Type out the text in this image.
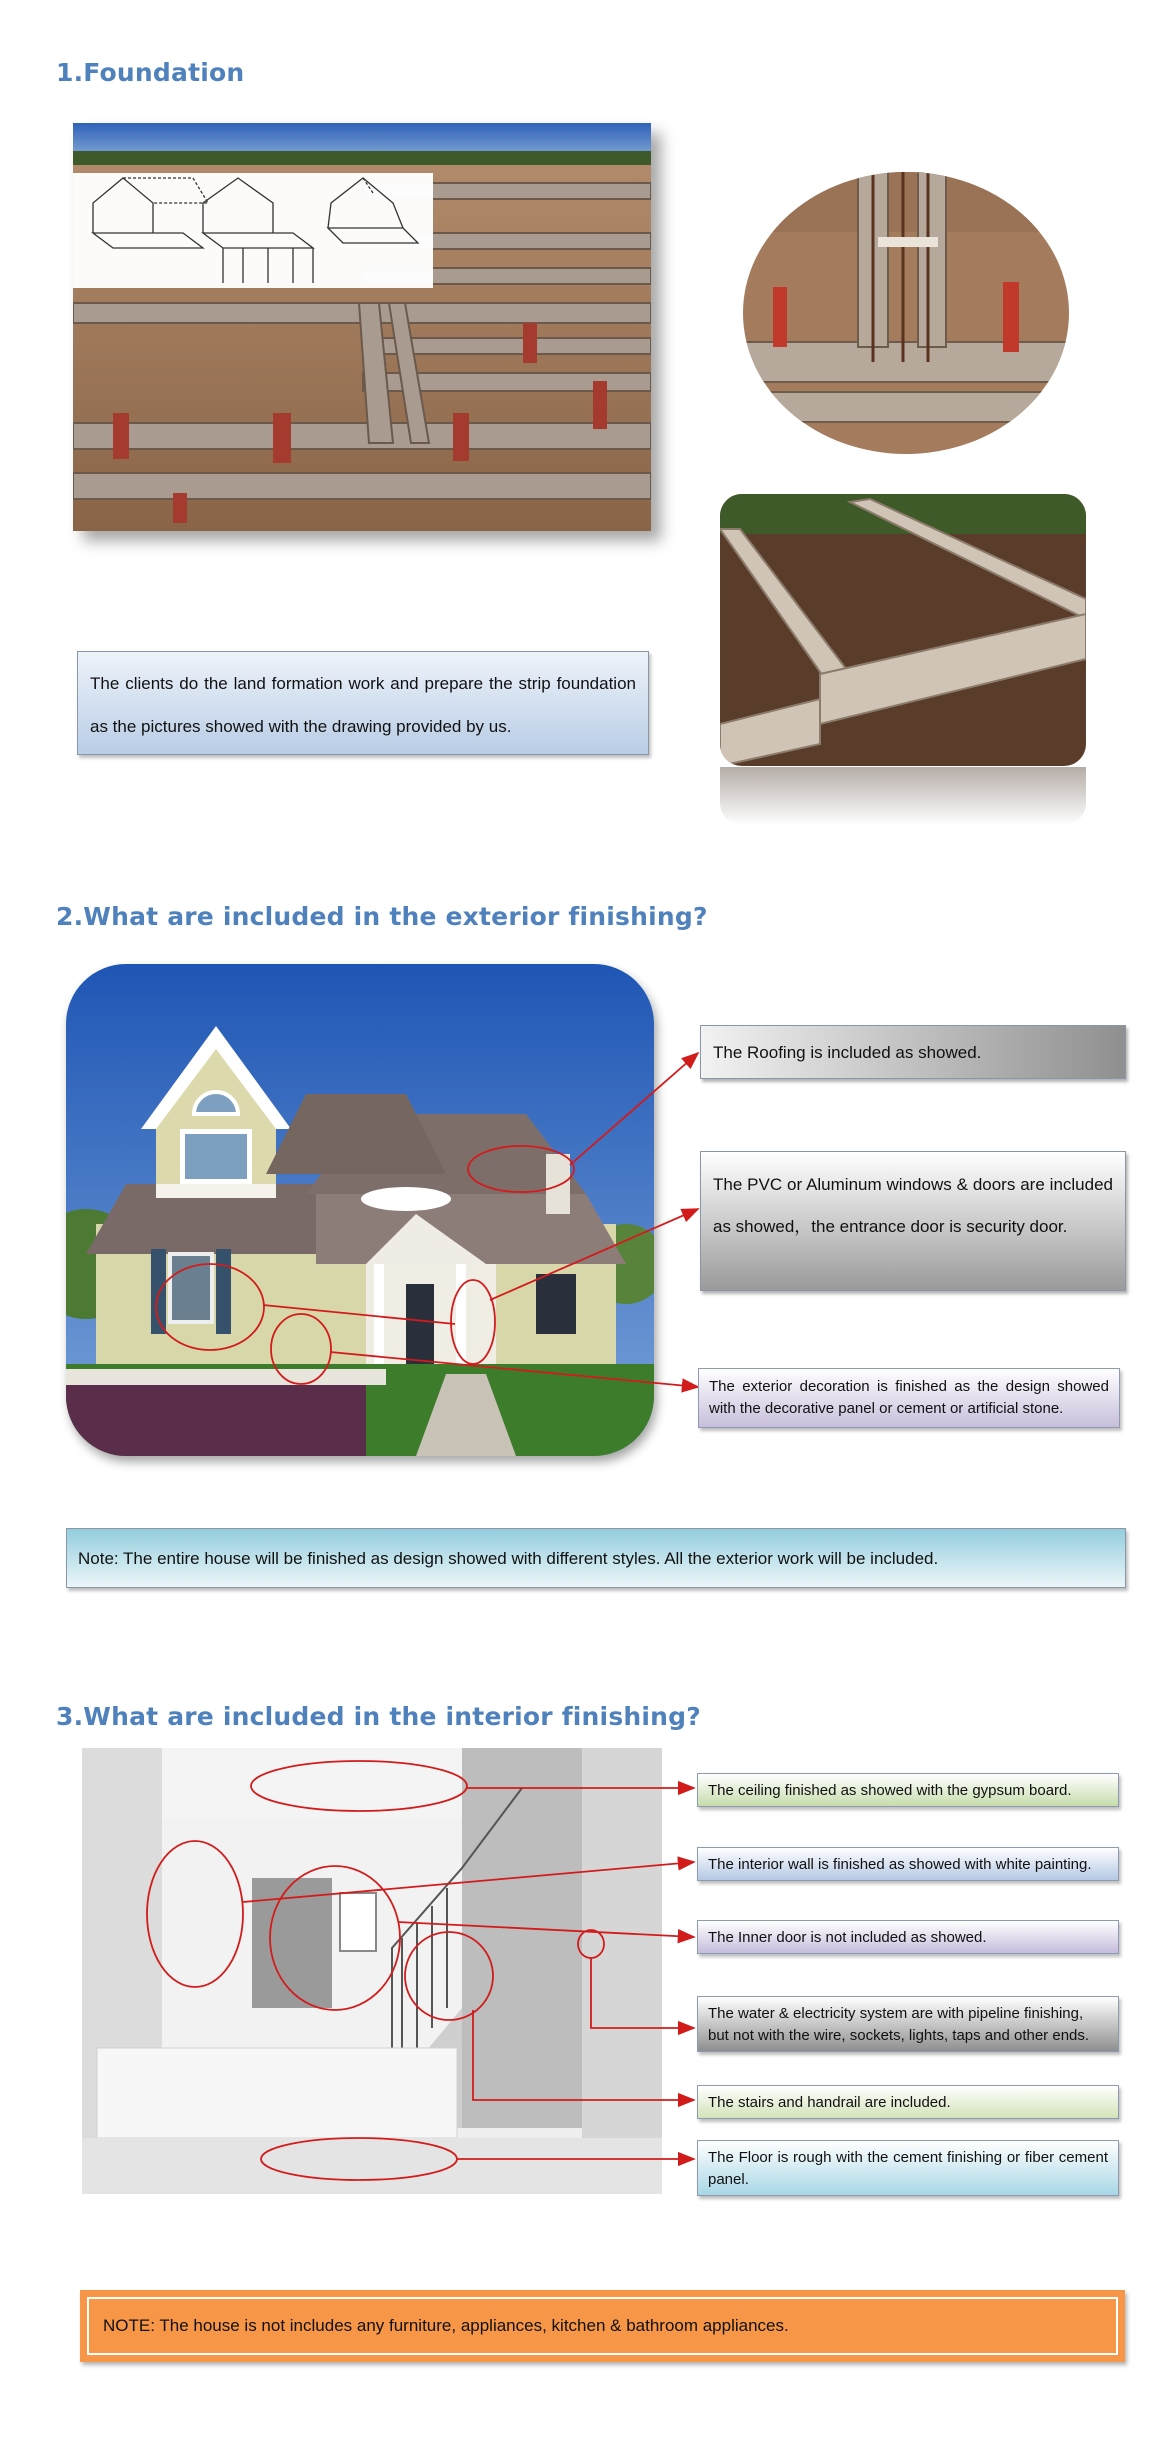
1.Foundation
The clients do the land formation work and prepare the strip foundation as the pictures showed with the drawing provided by us.
2.What are included in the exterior finishing?
The Roofing is included as showed.
The PVC or Aluminum windows & doors are included as showed，the entrance door is security door.
The exterior decoration is finished as the design showed with the decorative panel or cement or artificial stone.
Note: The entire house will be finished as design showed with different styles. All the exterior work will be included.
3.What are included in the interior finishing?
The ceiling finished as showed with the gypsum board.
The interior wall is finished as showed with white painting.
The Inner door is not included as showed.
The water & electricity system are with pipeline finishing, but not with the wire, sockets, lights, taps and other ends.
The stairs and handrail are included.
The Floor is rough with the cement finishing or fiber cement panel.
NOTE: The house is not includes any furniture, appliances, kitchen & bathroom appliances.
